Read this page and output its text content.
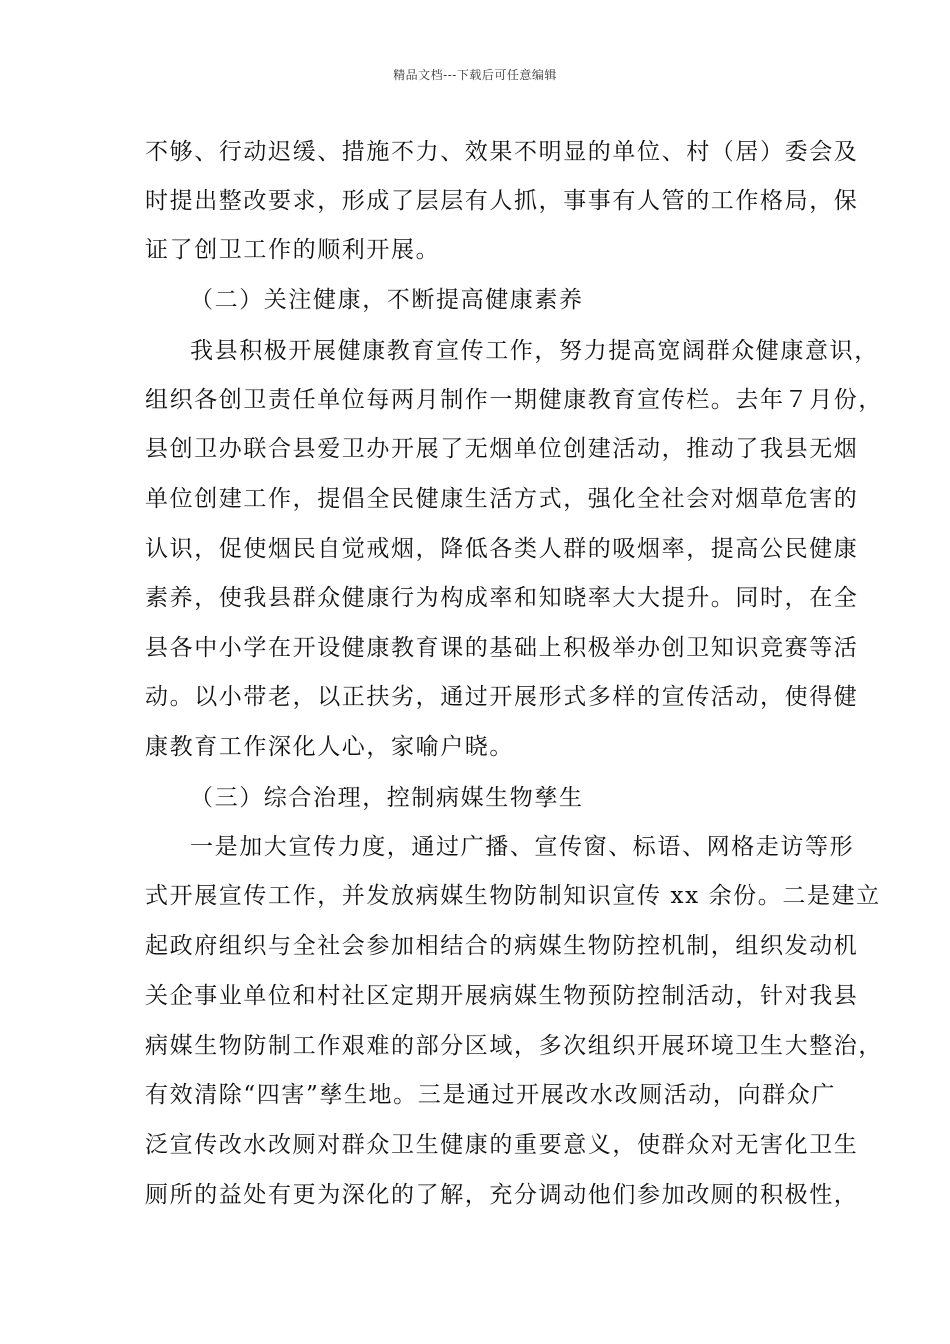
精品文档---下载后可任意编辑
不够、行动迟缓、措施不力、效果不明显的单位、村（居）委会及
时提出整改要求，形成了层层有人抓，事事有人管的工作格局，保
证了创卫工作的顺利开展。
（二）关注健康，不断提高健康素养
我县积极开展健康教育宣传工作，努力提高宽阔群众健康意识，
组织各创卫责任单位每两月制作一期健康教育宣传栏。去年７月份，
县创卫办联合县爱卫办开展了无烟单位创建活动，推动了我县无烟
单位创建工作，提倡全民健康生活方式，强化全社会对烟草危害的
认识，促使烟民自觉戒烟，降低各类人群的吸烟率，提高公民健康
素养，使我县群众健康行为构成率和知晓率大大提升。同时，在全
县各中小学在开设健康教育课的基础上积极举办创卫知识竞赛等活
动。以小带老，以正扶劣，通过开展形式多样的宣传活动，使得健
康教育工作深化人心，家喻户晓。
（三）综合治理，控制病媒生物孳生
一是加大宣传力度，通过广播、宣传窗、标语、网格走访等形
式开展宣传工作，并发放病媒生物防制知识宣传 xx 余份。二是建立
起政府组织与全社会参加相结合的病媒生物防控机制，组织发动机
关企事业单位和村社区定期开展病媒生物预防控制活动，针对我县
病媒生物防制工作艰难的部分区域，多次组织开展环境卫生大整治，
有效清除“四害”孳生地。三是通过开展改水改厕活动，向群众广
泛宣传改水改厕对群众卫生健康的重要意义，使群众对无害化卫生
厕所的益处有更为深化的了解，充分调动他们参加改厕的积极性，
